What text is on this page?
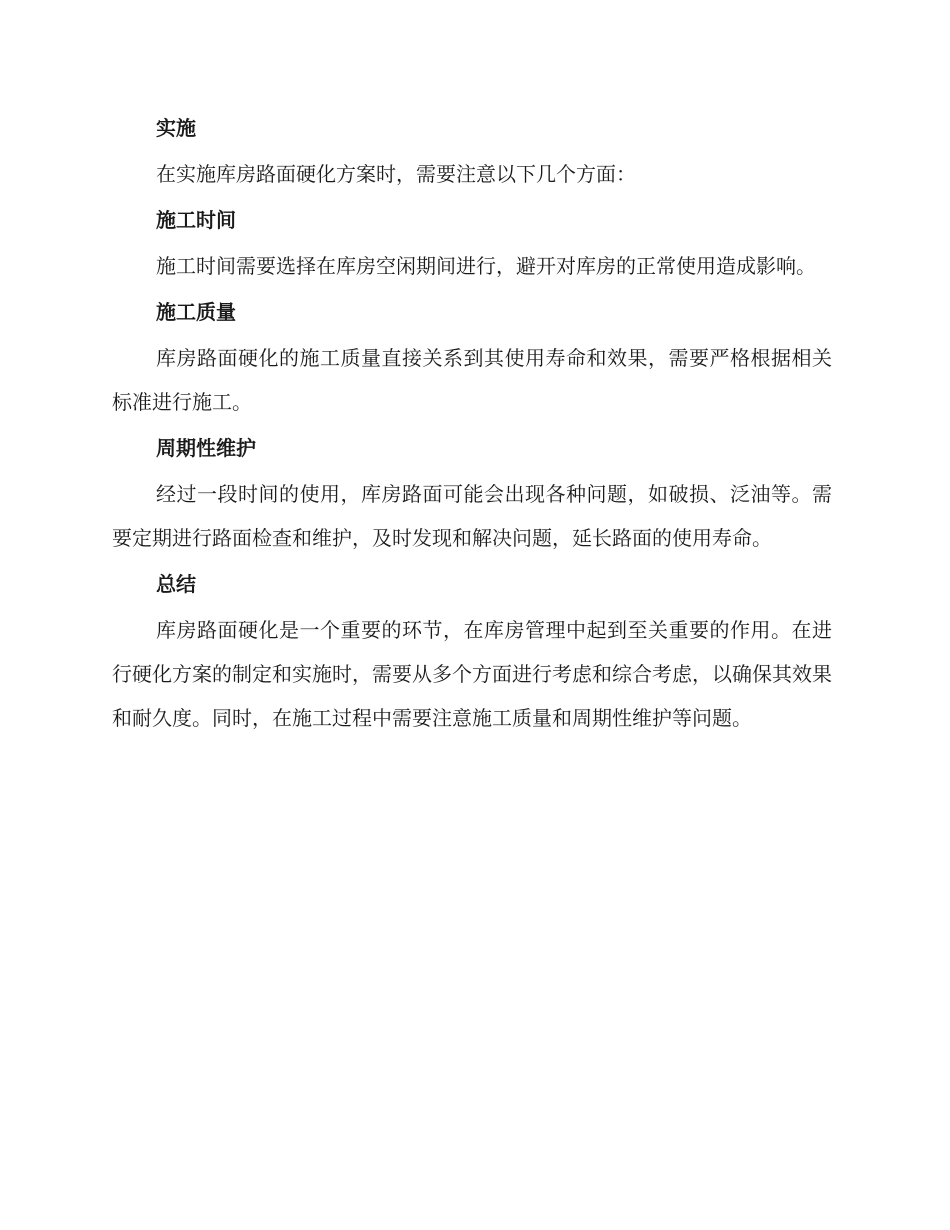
实施

在实施库房路面硬化方案时，需要注意以下几个方面：

施工时间

施工时间需要选择在库房空闲期间进行，避开对库房的正常使用造成影响。

施工质量

库房路面硬化的施工质量直接关系到其使用寿命和效果，需要严格根据相关标准进行施工。

周期性维护

经过一段时间的使用，库房路面可能会出现各种问题，如破损、泛油等。需要定期进行路面检查和维护，及时发现和解决问题，延长路面的使用寿命。

总结

库房路面硬化是一个重要的环节，在库房管理中起到至关重要的作用。在进行硬化方案的制定和实施时，需要从多个方面进行考虑和综合考虑，以确保其效果和耐久度。同时，在施工过程中需要注意施工质量和周期性维护等问题。
